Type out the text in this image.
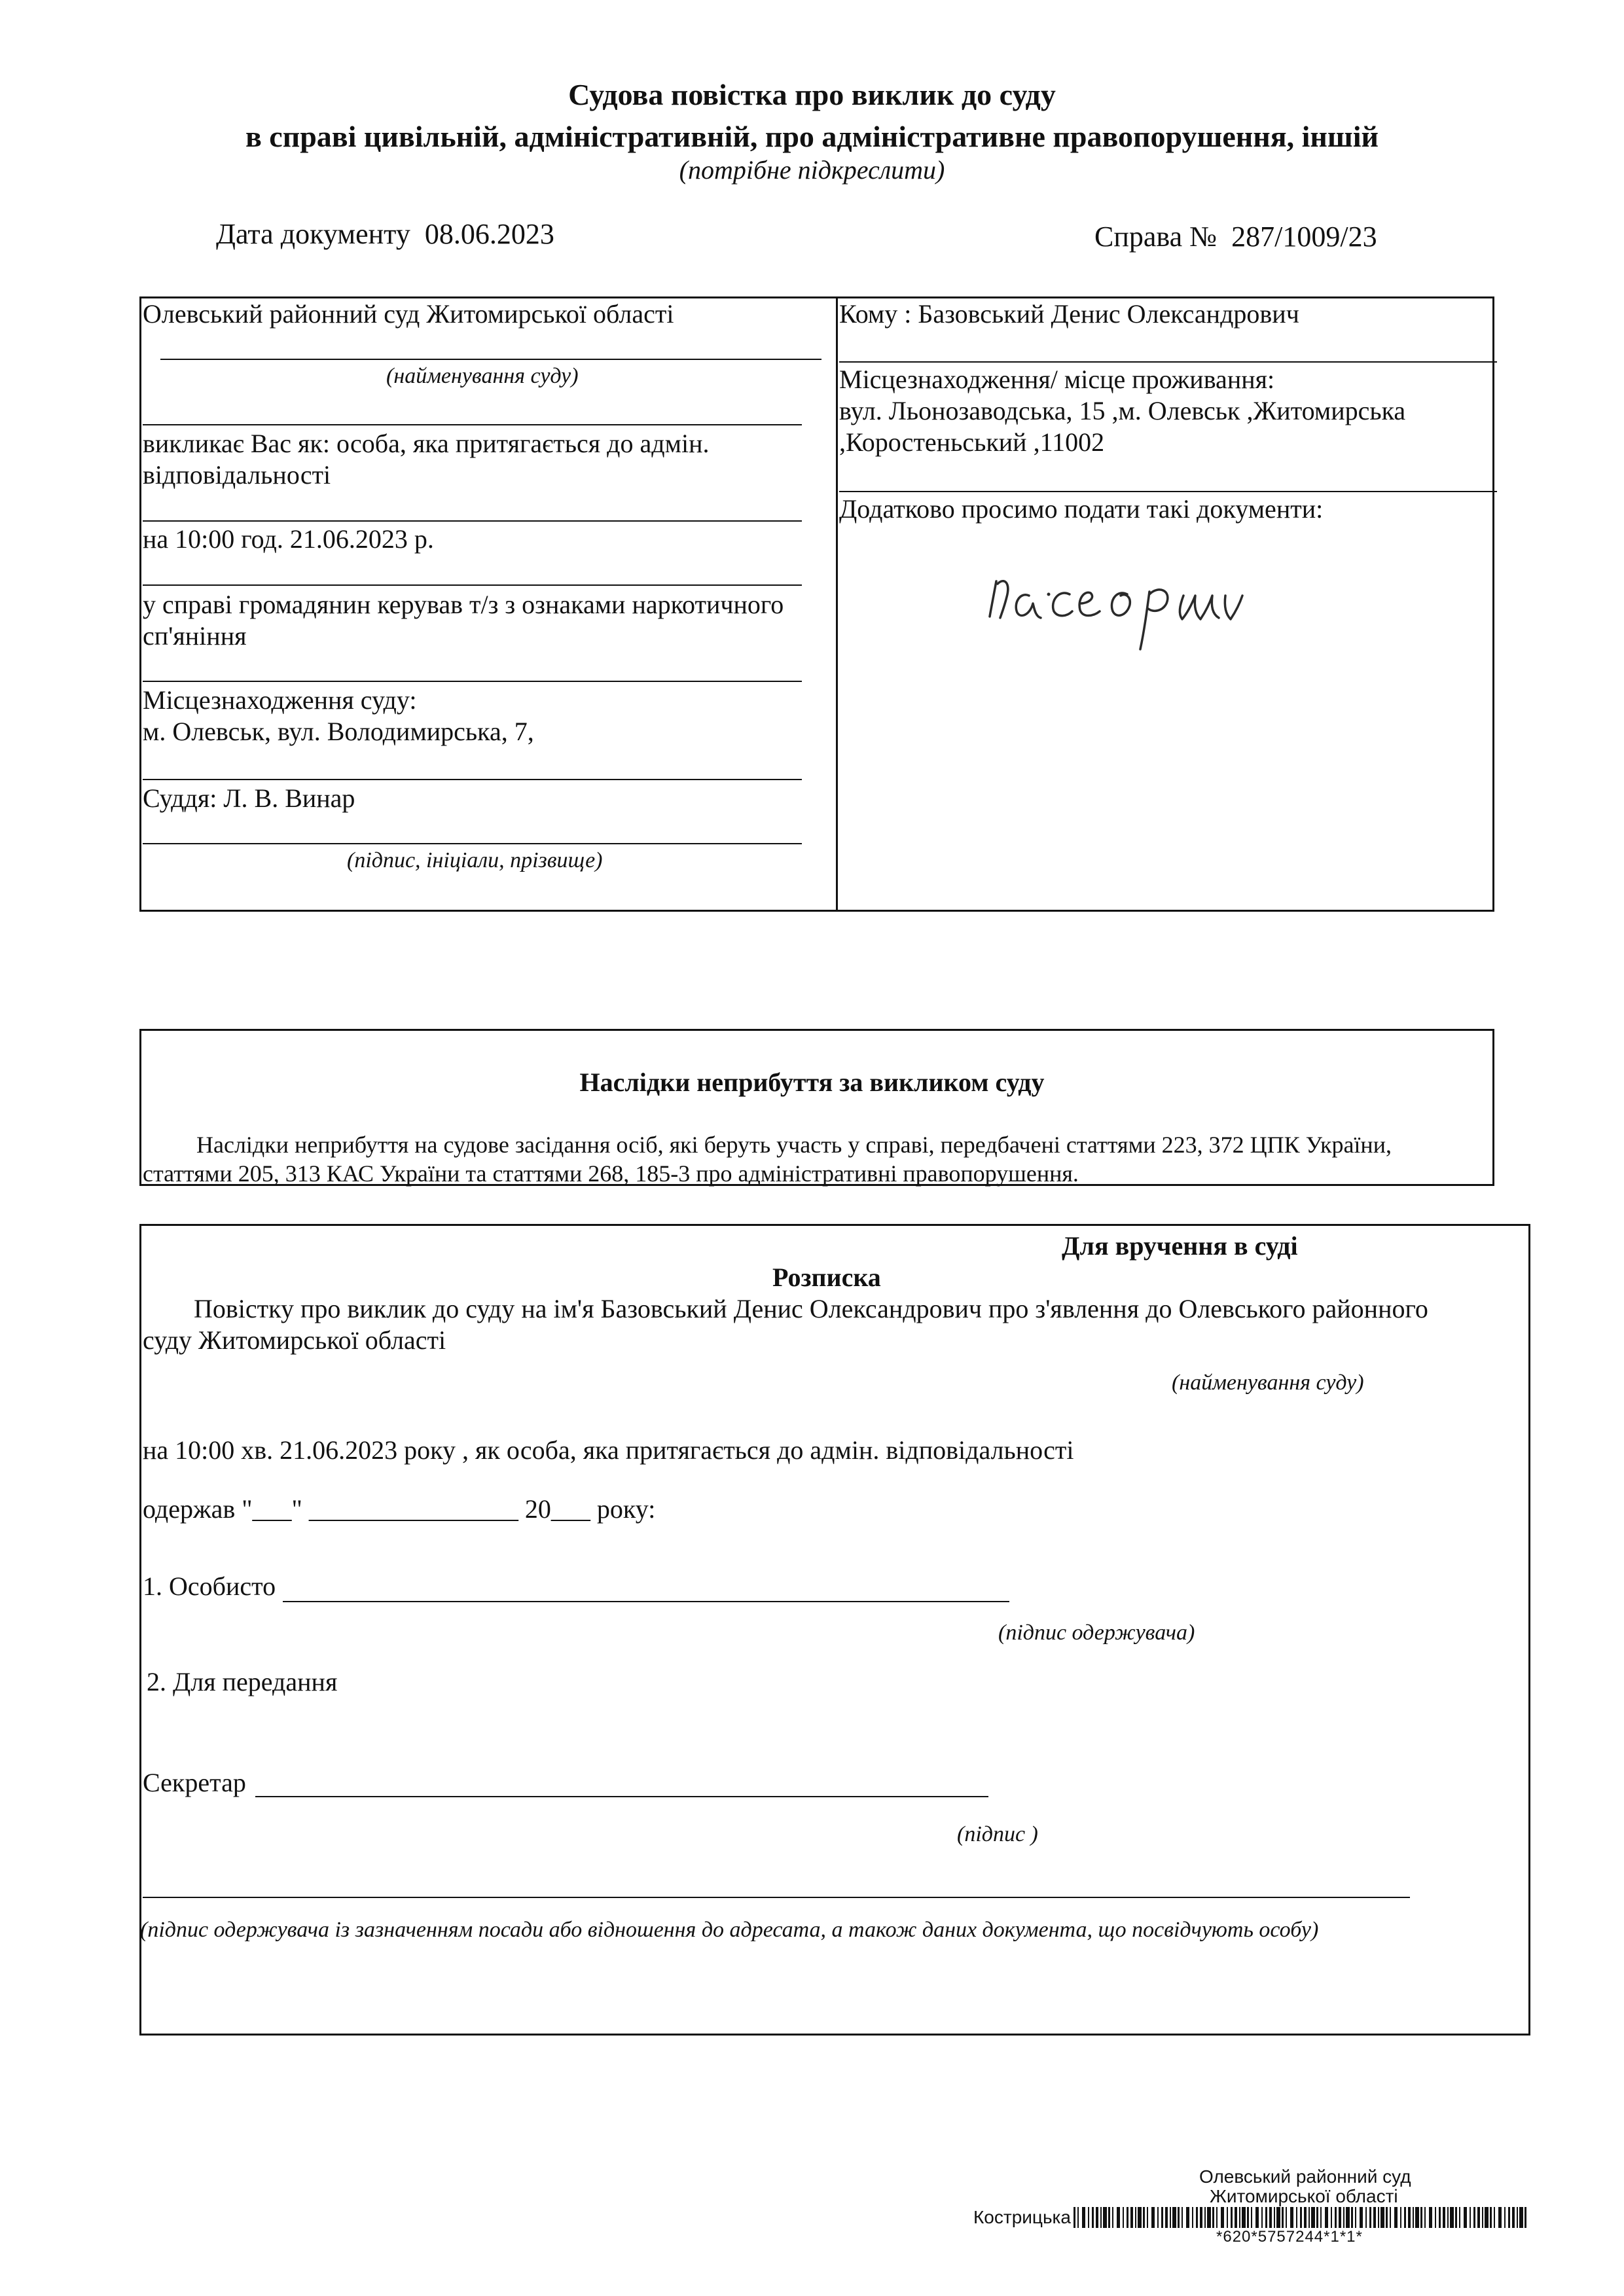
Судова повістка про виклик до суду
в справі цивільній, адміністративній, про адміністративне правопорушення, іншій
(потрібне підкреслити)
Дата документу 08.06.2023	Справа № 287/1009/23
Олевський районний суд Житомирської області
(найменування суду)
викликає Вас як: особа, яка притягається до адмін.
відповідальності
на 10:00 год. 21.06.2023 р.
у справі громадянин керував т/з з ознаками наркотичного
сп'яніння
Місцезнаходження суду:
м. Олевськ, вул. Володимирська, 7,
Суддя: Л. В. Винар
(підпис, ініціали, прізвище)
Кому : Базовський Денис Олександрович
Місцезнаходження/ місце проживання:
вул. Льонозаводська, 15 ,м. Олевськ ,Житомирська
,Коростеньський ,11002
Додатково просимо подати такі документи:
Наслідки неприбуття за викликом суду
Наслідки неприбуття на судове засідання осіб, які беруть участь у справі, передбачені статтями 223, 372 ЦПК України,
статтями 205, 313 КАС України та статтями 268, 185-3 про адміністративні правопорушення.
Для вручення в суді
Розписка
Повістку про виклик до суду на ім'я Базовський Денис Олександрович про з'явлення до Олевського районного
суду Житомирської області
(найменування суду)
на 10:00 хв. 21.06.2023 року , як особа, яка притягається до адмін. відповідальності
одержав "___" ________________ 20___ року:
1. Особисто
(підпис одержувача)
2. Для передання
Секретар
(підпис )
(підпис одержувача із зазначенням посади або відношення до адресата, а також даних документа, що посвідчують особу)
Олевський районний суд
Житомирської області
Кострицька
*620*5757244*1*1*
